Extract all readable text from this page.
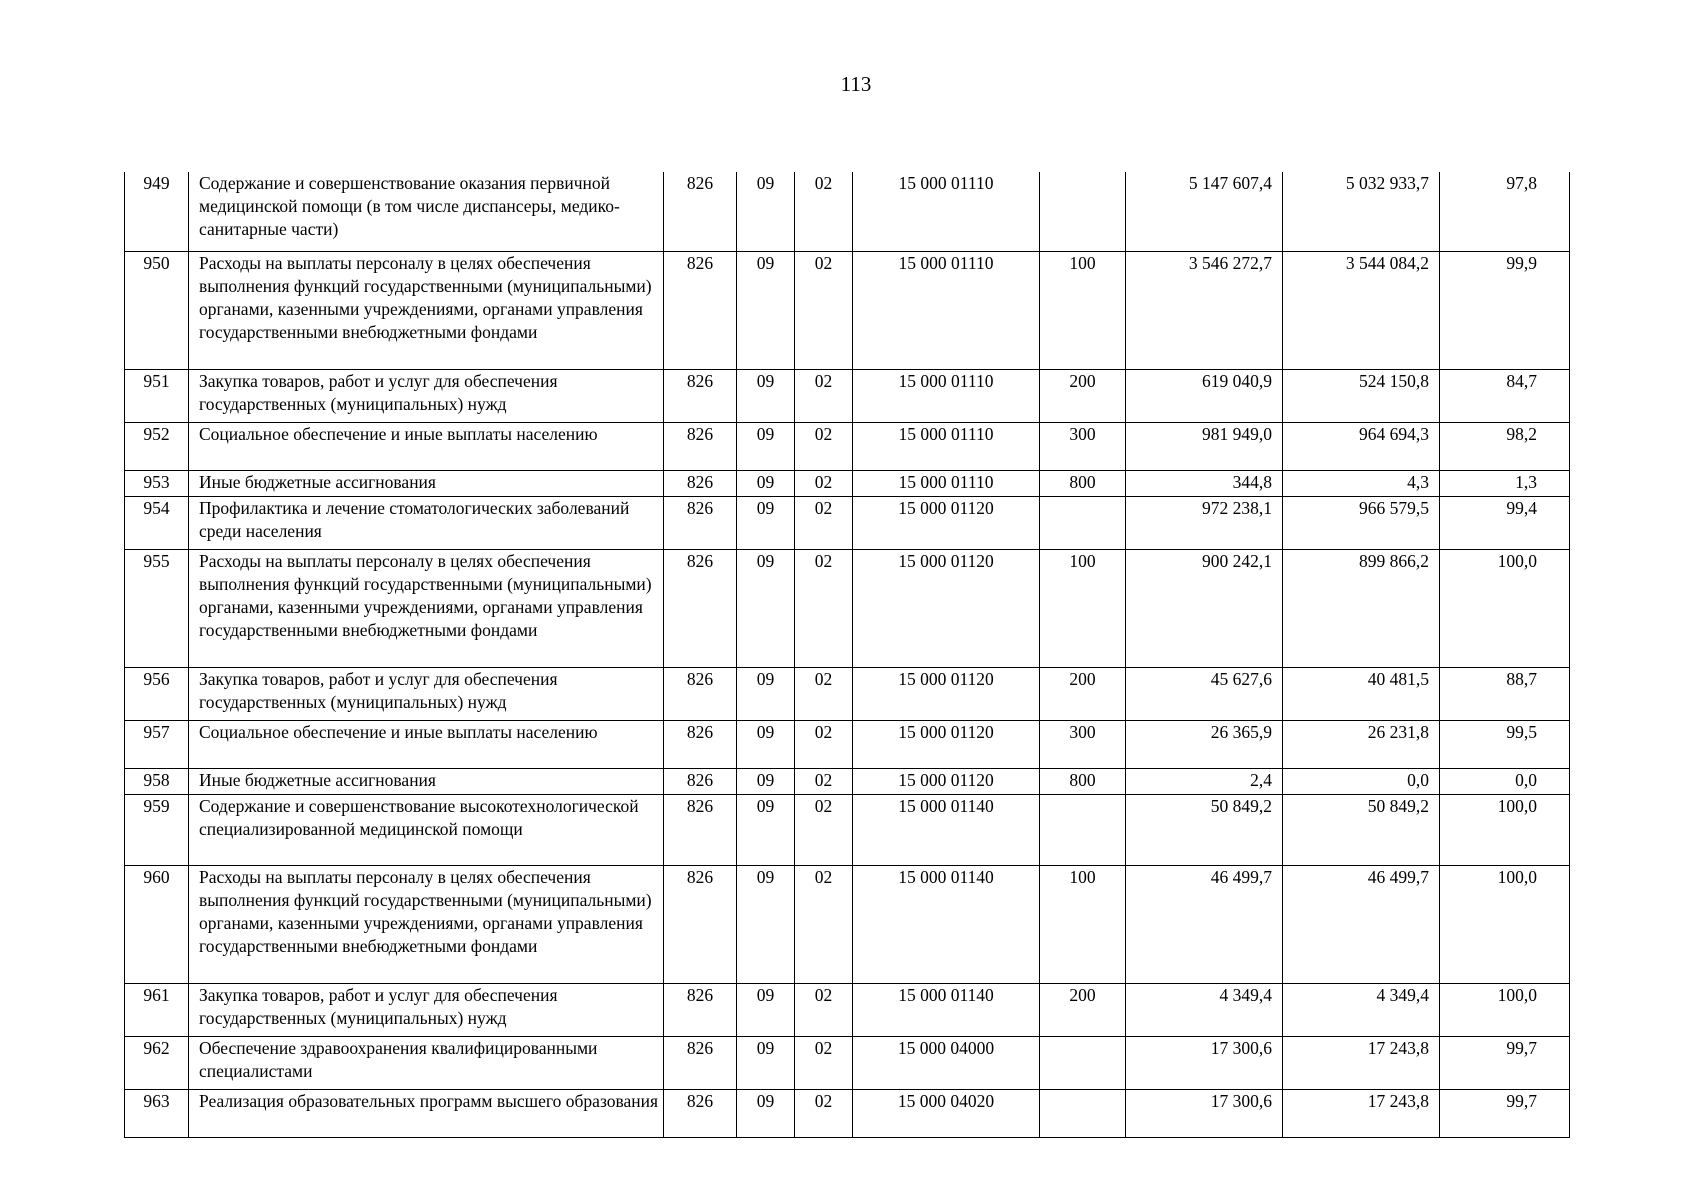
113
949	Содержание и совершенствование оказания первичной медицинской помощи (в том числе диспансеры, медико-санитарные части)	826	09	02	15 000 01110		5 147 607,4	5 032 933,7	97,8

950	Расходы на выплаты персоналу в целях обеспечения выполнения функций государственными (муниципальными) органами, казенными учреждениями, органами управления государственными внебюджетными фондами	826	09	02	15 000 01110	100	3 546 272,7	3 544 084,2	99,9

951	Закупка товаров, работ и услуг для обеспечения государственных (муниципальных) нужд	826	09	02	15 000 01110	200	619 040,9	524 150,8	84,7

952	Социальное обеспечение и иные выплаты населению	826	09	02	15 000 01110	300	981 949,0	964 694,3	98,2

953	Иные бюджетные ассигнования	826	09	02	15 000 01110	800	344,8	4,3	1,3

954	Профилактика и лечение стоматологических заболеваний среди населения	826	09	02	15 000 01120		972 238,1	966 579,5	99,4

955	Расходы на выплаты персоналу в целях обеспечения выполнения функций государственными (муниципальными) органами, казенными учреждениями, органами управления государственными внебюджетными фондами	826	09	02	15 000 01120	100	900 242,1	899 866,2	100,0

956	Закупка товаров, работ и услуг для обеспечения государственных (муниципальных) нужд	826	09	02	15 000 01120	200	45 627,6	40 481,5	88,7

957	Социальное обеспечение и иные выплаты населению	826	09	02	15 000 01120	300	26 365,9	26 231,8	99,5

958	Иные бюджетные ассигнования	826	09	02	15 000 01120	800	2,4	0,0	0,0

959	Содержание и совершенствование высокотехнологической специализированной медицинской помощи	826	09	02	15 000 01140		50 849,2	50 849,2	100,0

960	Расходы на выплаты персоналу в целях обеспечения выполнения функций государственными (муниципальными) органами, казенными учреждениями, органами управления государственными внебюджетными фондами	826	09	02	15 000 01140	100	46 499,7	46 499,7	100,0

961	Закупка товаров, работ и услуг для обеспечения государственных (муниципальных) нужд	826	09	02	15 000 01140	200	4 349,4	4 349,4	100,0

962	Обеспечение здравоохранения квалифицированными специалистами	826	09	02	15 000 04000		17 300,6	17 243,8	99,7

963	Реализация образовательных программ высшего образования	826	09	02	15 000 04020		17 300,6	17 243,8	99,7
